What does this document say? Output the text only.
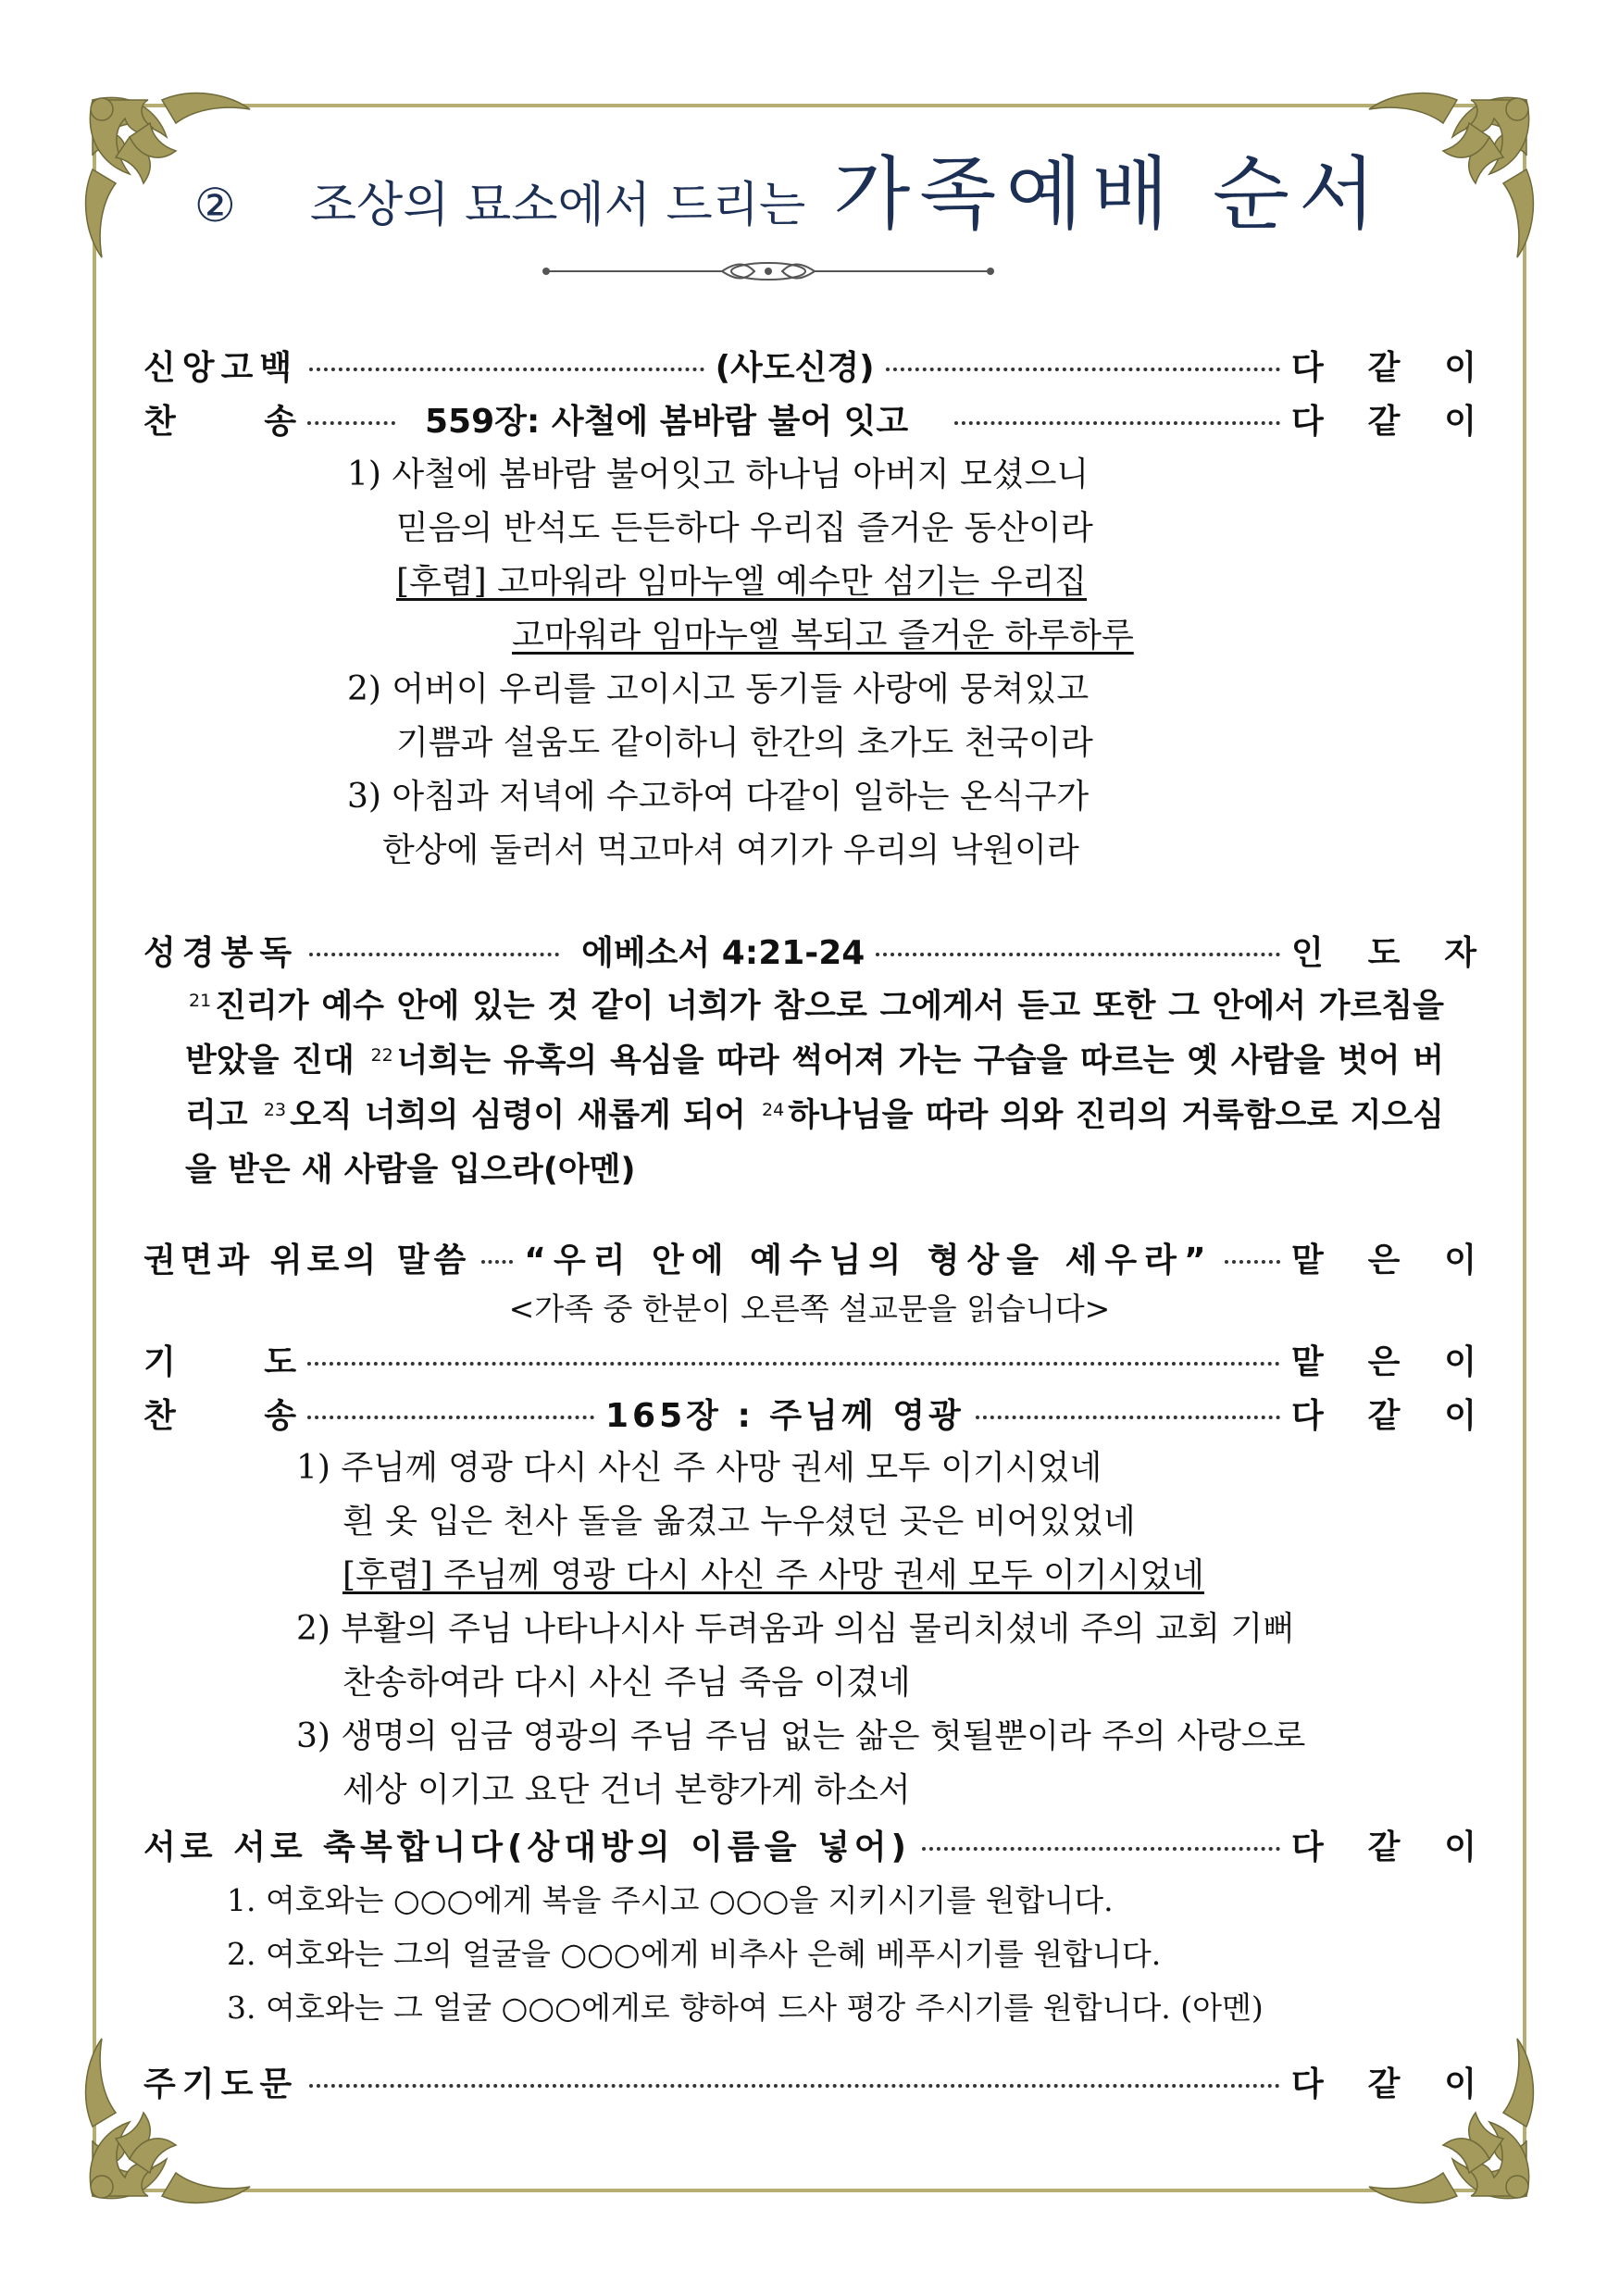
② 조상의 묘소에서 드리는 가족예배 순서
신앙고백	(사도신경)	다 같 이
찬	송	559장: 사철에 봄바람 불어 잇고	다 같 이
1) 사철에 봄바람 불어잇고 하나님 아버지 모셨으니
믿음의 반석도 든든하다 우리집 즐거운 동산이라
[후렴] 고마워라 임마누엘 예수만 섬기는 우리집
고마워라 임마누엘 복되고 즐거운 하루하루
2) 어버이 우리를 고이시고 동기들 사랑에 뭉쳐있고
기쁨과 설움도 같이하니 한간의 초가도 천국이라
3) 아침과 저녁에 수고하여 다같이 일하는 온식구가
한상에 둘러서 먹고마셔 여기가 우리의 낙원이라
성경봉독	에베소서 4:21-24	인 도 자
$^{21}$ 진리가 예수 안에 있는 것 같이 너희가 참으로 그에게서 듣고 또한 그 안에서 가르침을 받았을 진대 $^{22}$ 너희는 유혹의 욕심을 따라 썩어져 가는 구습을 따르는 옛 사람을 벗어 버리고 $^{23}$ 오직 너희의 심령이 새롭게 되어 $^{24}$ 하나님을 따라 의와 진리의 거룩함으로 지으심을 받은 새 사람을 입으라(아멘)
권면과 위로의 말씀 “우리 안에 예수님의 형상을 세우라” 맡 은 이
<가족 중 한분이 오른쪽 설교문을 읽습니다>
기	도	맡 은 이
찬	송	165장 : 주님께 영광	다 같 이
1) 주님께 영광 다시 사신 주 사망 권세 모두 이기시었네
흰 옷 입은 천사 돌을 옮겼고 누우셨던 곳은 비어있었네
[후렴] 주님께 영광 다시 사신 주 사망 권세 모두 이기시었네
2) 부활의 주님 나타나시사 두려움과 의심 물리치셨네 주의 교회 기뻐
찬송하여라 다시 사신 주님 죽음 이겼네
3) 생명의 임금 영광의 주님 주님 없는 삶은 헛될뿐이라 주의 사랑으로
세상 이기고 요단 건너 본향가게 하소서
서로 서로 축복합니다(상대방의 이름을 넣어)	다 같 이
1. 여호와는 ○○○에게 복을 주시고 ○○○을 지키시기를 원합니다.
2. 여호와는 그의 얼굴을 ○○○에게 비추사 은혜 베푸시기를 원합니다.
3. 여호와는 그 얼굴 ○○○에게로 향하여 드사 평강 주시기를 원합니다. (아멘)
주기도문	다 같 이
